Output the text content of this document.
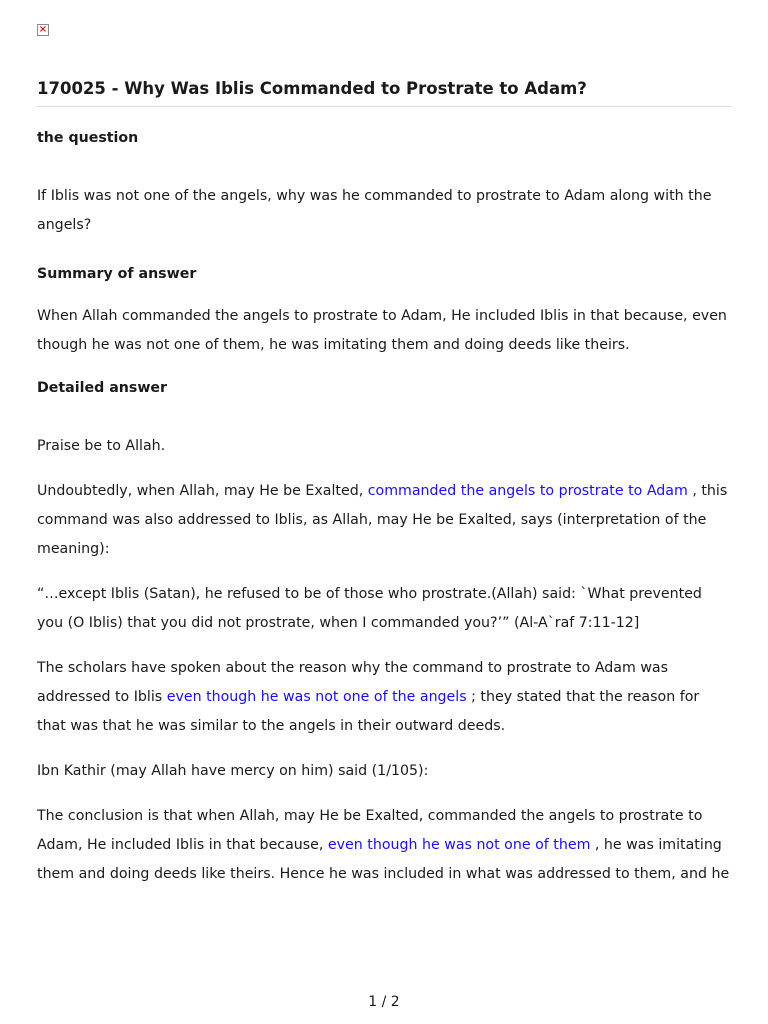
×
170025 - Why Was Iblis Commanded to Prostrate to Adam?
the question

If Iblis was not one of the angels, why was he commanded to prostrate to Adam along with the angels?

Summary of answer

When Allah commanded the angels to prostrate to Adam, He included Iblis in that because, even though he was not one of them, he was imitating them and doing deeds like theirs.

Detailed answer

Praise be to Allah.

Undoubtedly, when Allah, may He be Exalted, commanded the angels to prostrate to Adam , this command was also addressed to Iblis, as Allah, may He be Exalted, says (interpretation of the meaning):

“…except Iblis (Satan), he refused to be of those who prostrate.(Allah) said: `What prevented you (O Iblis) that you did not prostrate, when I commanded you?’” (Al-A`raf 7:11-12]

The scholars have spoken about the reason why the command to prostrate to Adam was addressed to Iblis even though he was not one of the angels ; they stated that the reason for that was that he was similar to the angels in their outward deeds.

Ibn Kathir (may Allah have mercy on him) said (1/105):

The conclusion is that when Allah, may He be Exalted, commanded the angels to prostrate to Adam, He included Iblis in that because, even though he was not one of them , he was imitating them and doing deeds like theirs. Hence he was included in what was addressed to them, and he

1 / 2
